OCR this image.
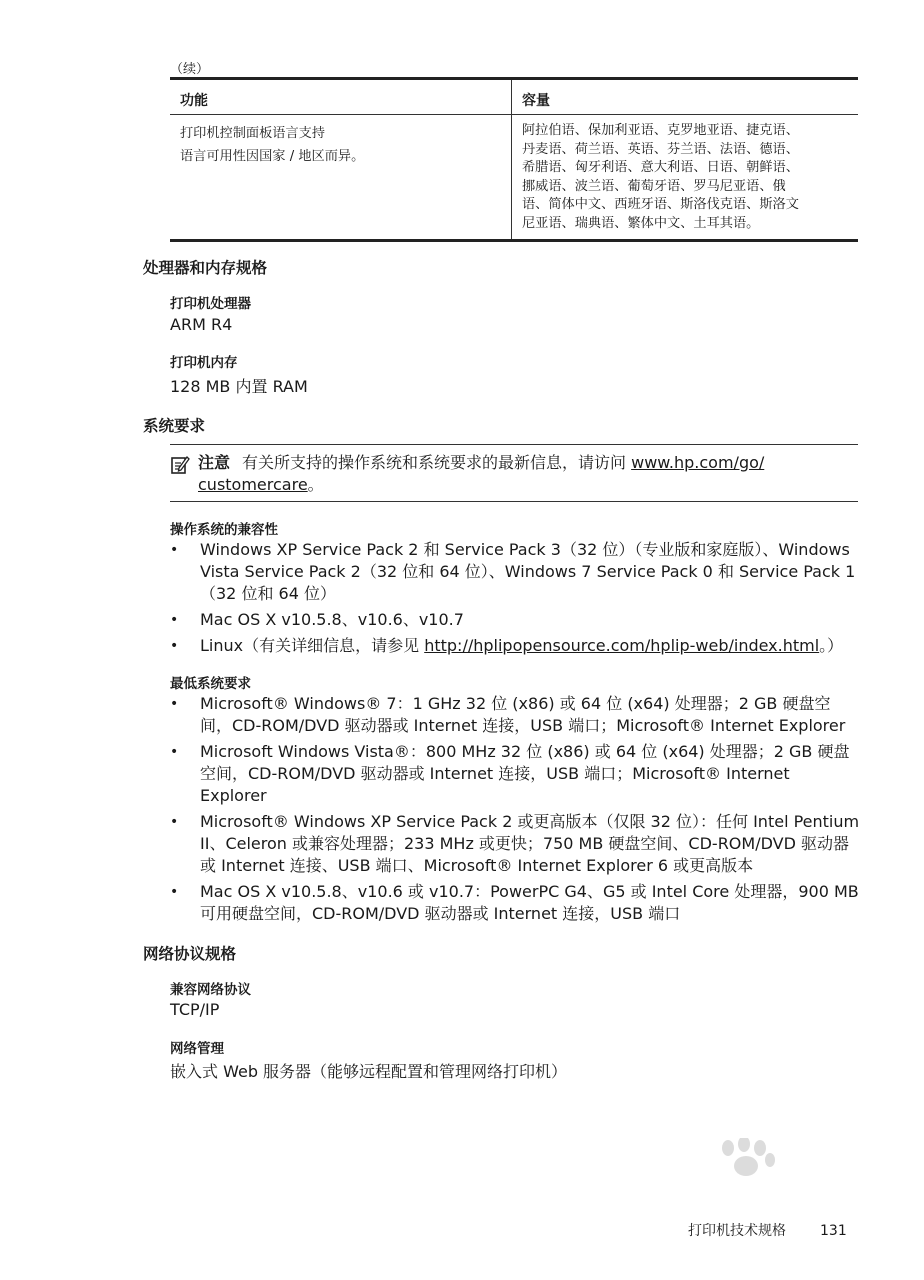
（续）
功能	容量

打印机控制面板语言支持

语言可用性因国家 / 地区而异。

阿拉伯语、保加利亚语、克罗地亚语、捷克语、
丹麦语、荷兰语、英语、芬兰语、法语、德语、
希腊语、匈牙利语、意大利语、日语、朝鲜语、
挪威语、波兰语、葡萄牙语、罗马尼亚语、俄
语、简体中文、西班牙语、斯洛伐克语、斯洛文
尼亚语、瑞典语、繁体中文、土耳其语。
处理器和内存规格
打印机处理器
ARM R4
打印机内存
128 MB 内置 RAM
系统要求
注意 有关所支持的操作系统和系统要求的最新信息，请访问 www.hp.com/go/
customercare。
操作系统的兼容性
• Windows XP Service Pack 2 和 Service Pack 3（32 位）（专业版和家庭版）、Windows Vista Service Pack 2（32 位和 64 位）、Windows 7 Service Pack 0 和 Service Pack 1（32 位和 64 位）
• Mac OS X v10.5.8、v10.6、v10.7
• Linux（有关详细信息，请参见 http://hplipopensource.com/hplip-web/index.html。）
最低系统要求
• Microsoft® Windows® 7：1 GHz 32 位 (x86) 或 64 位 (x64) 处理器；2 GB 硬盘空间，CD-ROM/DVD 驱动器或 Internet 连接，USB 端口；Microsoft® Internet Explorer
• Microsoft Windows Vista®：800 MHz 32 位 (x86) 或 64 位 (x64) 处理器；2 GB 硬盘空间，CD-ROM/DVD 驱动器或 Internet 连接，USB 端口；Microsoft® Internet Explorer
• Microsoft® Windows XP Service Pack 2 或更高版本（仅限 32 位）：任何 Intel Pentium II、Celeron 或兼容处理器；233 MHz 或更快；750 MB 硬盘空间、CD-ROM/DVD 驱动器或 Internet 连接、USB 端口、Microsoft® Internet Explorer 6 或更高版本
• Mac OS X v10.5.8、v10.6 或 v10.7：PowerPC G4、G5 或 Intel Core 处理器，900 MB 可用硬盘空间，CD-ROM/DVD 驱动器或 Internet 连接，USB 端口
网络协议规格
兼容网络协议
TCP/IP
网络管理
嵌入式 Web 服务器（能够远程配置和管理网络打印机）
打印机技术规格 131
